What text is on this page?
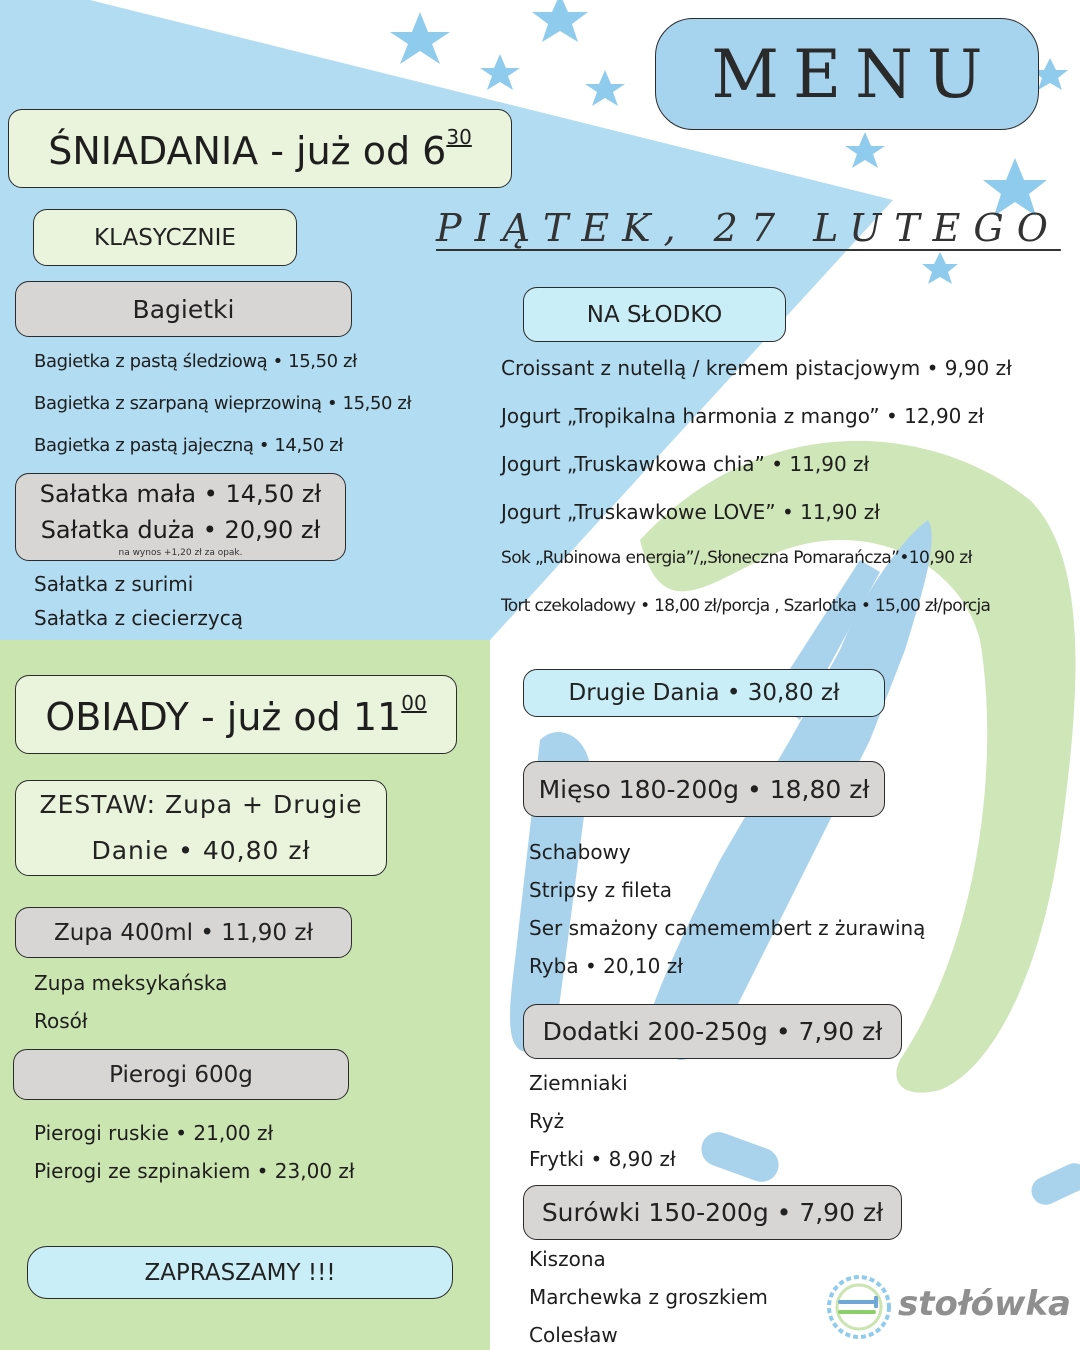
MENU
PIĄTEK, 27 LUTEGO
ŚNIADANIA - już od $6^{30}$
KLASYCZNIE
Bagietki
Bagietka z pastą śledziową • 15,50 zł
Bagietka z szarpaną wieprzowiną • 15,50 zł
Bagietka z pastą jajeczną • 14,50 zł
Sałatka mała • 14,50 zł
Sałatka duża • 20,90 zł
na wynos +1,20 zł za opak.
Sałatka z surimi
Sałatka z ciecierzycą
NA SŁODKO
Croissant z nutellą / kremem pistacjowym • 9,90 zł
Jogurt „Tropikalna harmonia z mango” • 12,90 zł
Jogurt „Truskawkowa chia” • 11,90 zł
Jogurt „Truskawkowe LOVE” • 11,90 zł
Sok „Rubinowa energia”/„Słoneczna Pomarańcza”•10,90 zł
Tort czekoladowy • 18,00 zł/porcja , Szarlotka • 15,00 zł/porcja
OBIADY - już od $11^{00}$
ZESTAW: Zupa + Drugie
Danie • 40,80 zł
Zupa 400ml • 11,90 zł
Zupa meksykańska
Rosół
Pierogi 600g
Pierogi ruskie • 21,00 zł
Pierogi ze szpinakiem • 23,00 zł
ZAPRASZAMY !!!
Drugie Dania • 30,80 zł
Mięso 180-200g • 18,80 zł
Schabowy
Stripsy z fileta
Ser smażony camemembert z żurawiną
Ryba • 20,10 zł
Dodatki 200-250g • 7,90 zł
Ziemniaki
Ryż
Frytki • 8,90 zł
Surówki 150-200g • 7,90 zł
Kiszona
Marchewka z groszkiem
Colesław
stołówka
